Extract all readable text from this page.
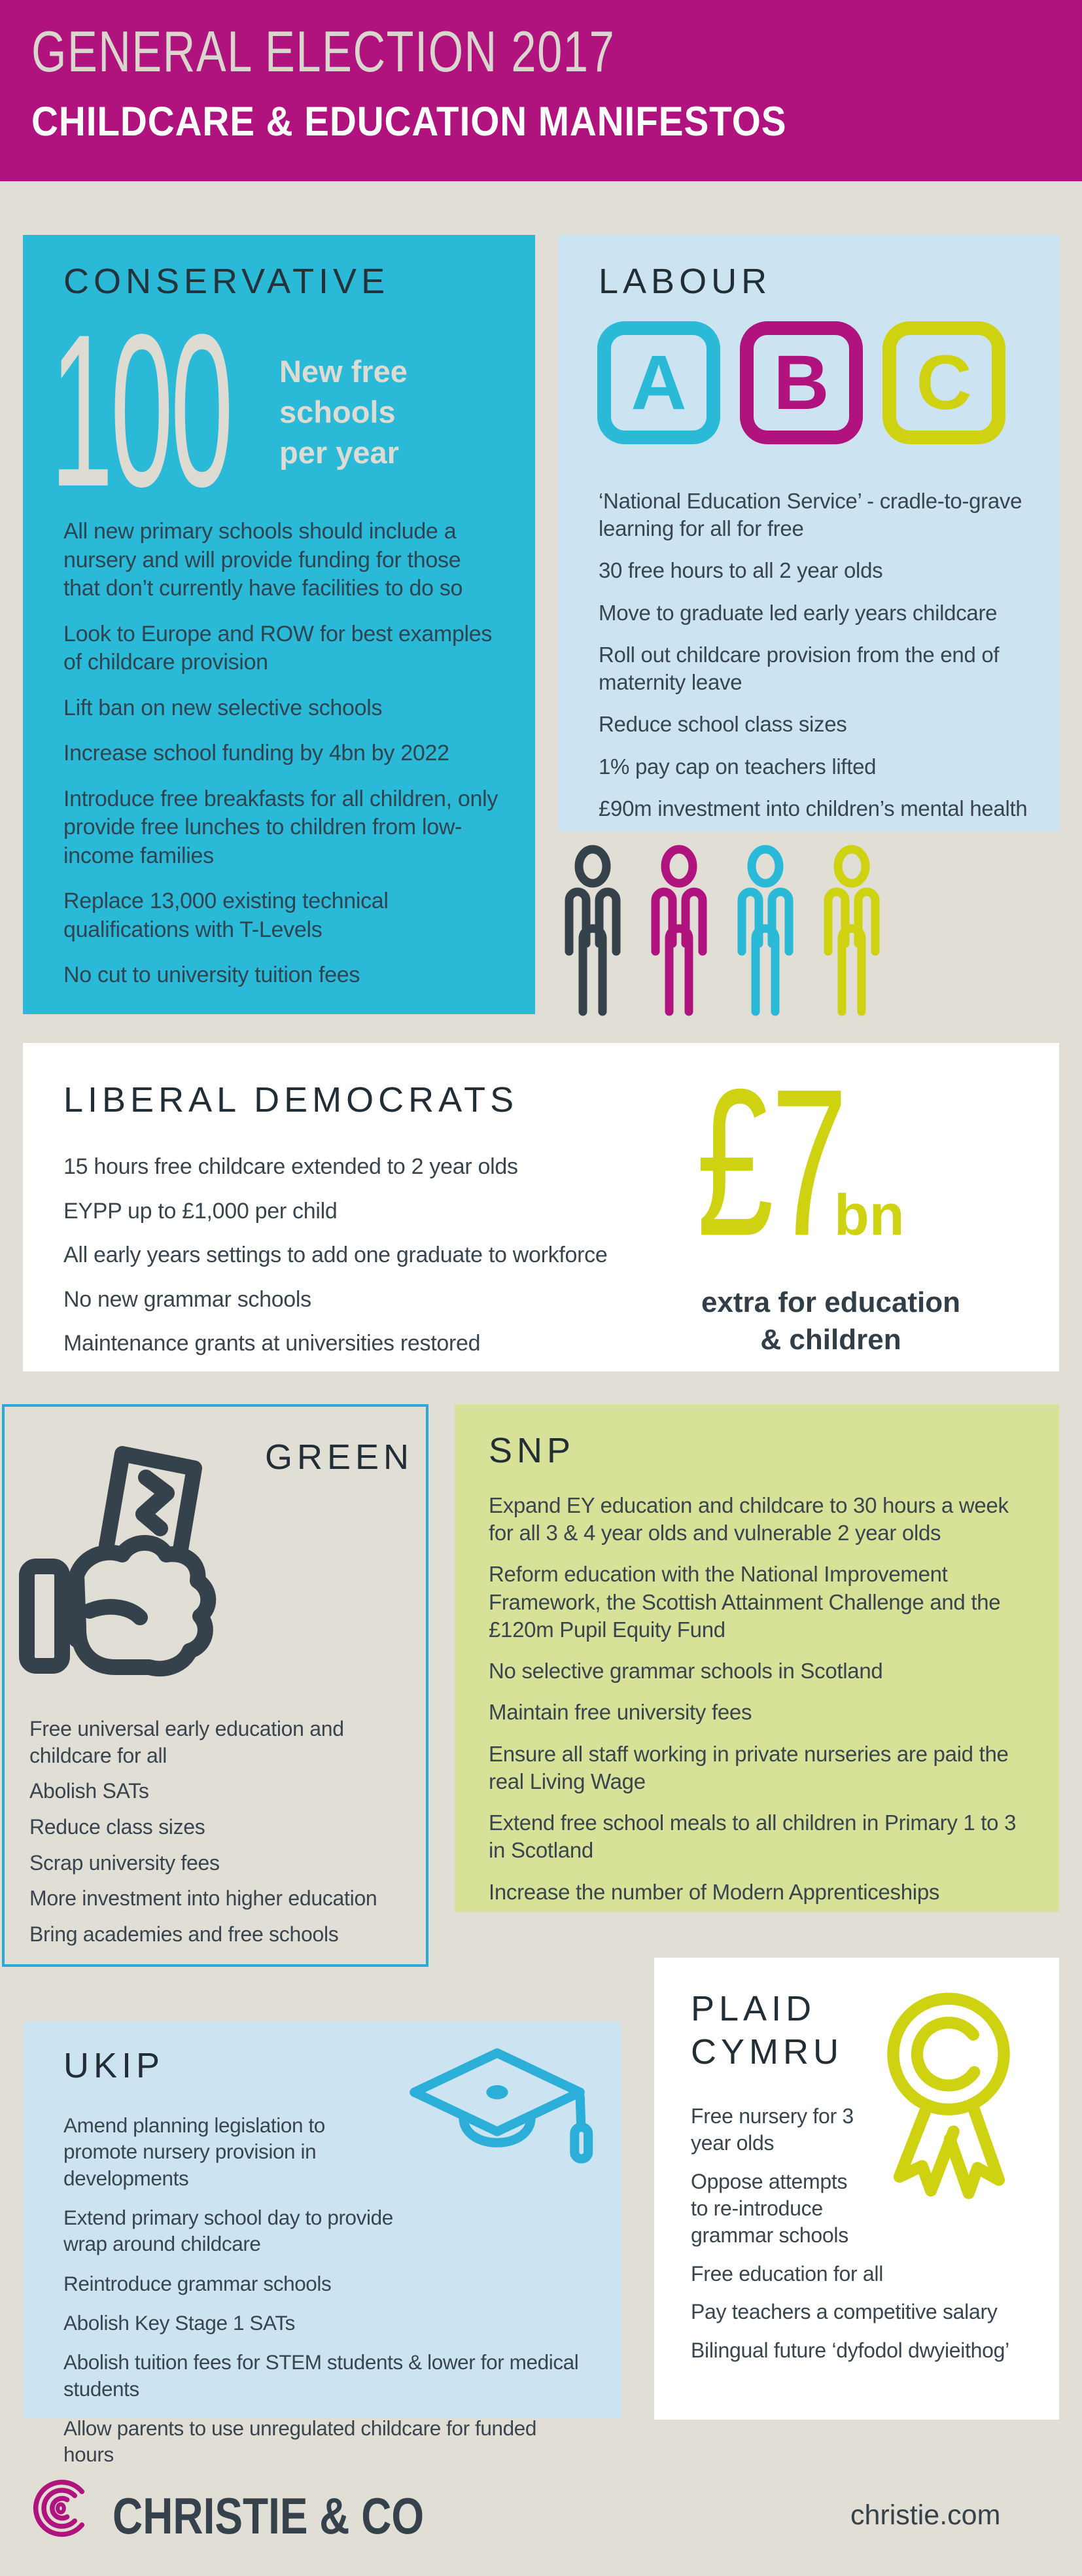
GENERAL ELECTION 2017
CHILDCARE & EDUCATION MANIFESTOS
CONSERVATIVE
100 New free schools per year
All new primary schools should include a nursery and will provide funding for those that don’t currently have facilities to do so
Look to Europe and ROW for best examples of childcare provision
Lift ban on new selective schools
Increase school funding by 4bn by 2022
Introduce free breakfasts for all children, only provide free lunches to children from low-income families
Replace 13,000 existing technical qualifications with T-Levels
No cut to university tuition fees
LABOUR
A B C
‘National Education Service’ - cradle-to-grave learning for all for free
30 free hours to all 2 year olds
Move to graduate led early years childcare
Roll out childcare provision from the end of maternity leave
Reduce school class sizes
1% pay cap on teachers lifted
£90m investment into children’s mental health
LIBERAL DEMOCRATS
15 hours free childcare extended to 2 year olds
EYPP up to £1,000 per child
All early years settings to add one graduate to workforce
No new grammar schools
Maintenance grants at universities restored
£7bn
extra for education & children
GREEN
Free universal early education and childcare for all
Abolish SATs
Reduce class sizes
Scrap university fees
More investment into higher education
Bring academies and free schools
SNP
Expand EY education and childcare to 30 hours a week for all 3 & 4 year olds and vulnerable 2 year olds
Reform education with the National Improvement Framework, the Scottish Attainment Challenge and the £120m Pupil Equity Fund
No selective grammar schools in Scotland
Maintain free university fees
Ensure all staff working in private nurseries are paid the real Living Wage
Extend free school meals to all children in Primary 1 to 3 in Scotland
Increase the number of Modern Apprenticeships
UKIP
Amend planning legislation to promote nursery provision in developments
Extend primary school day to provide wrap around childcare
Reintroduce grammar schools
Abolish Key Stage 1 SATs
Abolish tuition fees for STEM students & lower for medical students
Allow parents to use unregulated childcare for funded hours
PLAID CYMRU
Free nursery for 3 year olds
Oppose attempts to re-introduce grammar schools
Free education for all
Pay teachers a competitive salary
Bilingual future ‘dyfodol dwyieithog’
CHRISTIE & CO	christie.com
